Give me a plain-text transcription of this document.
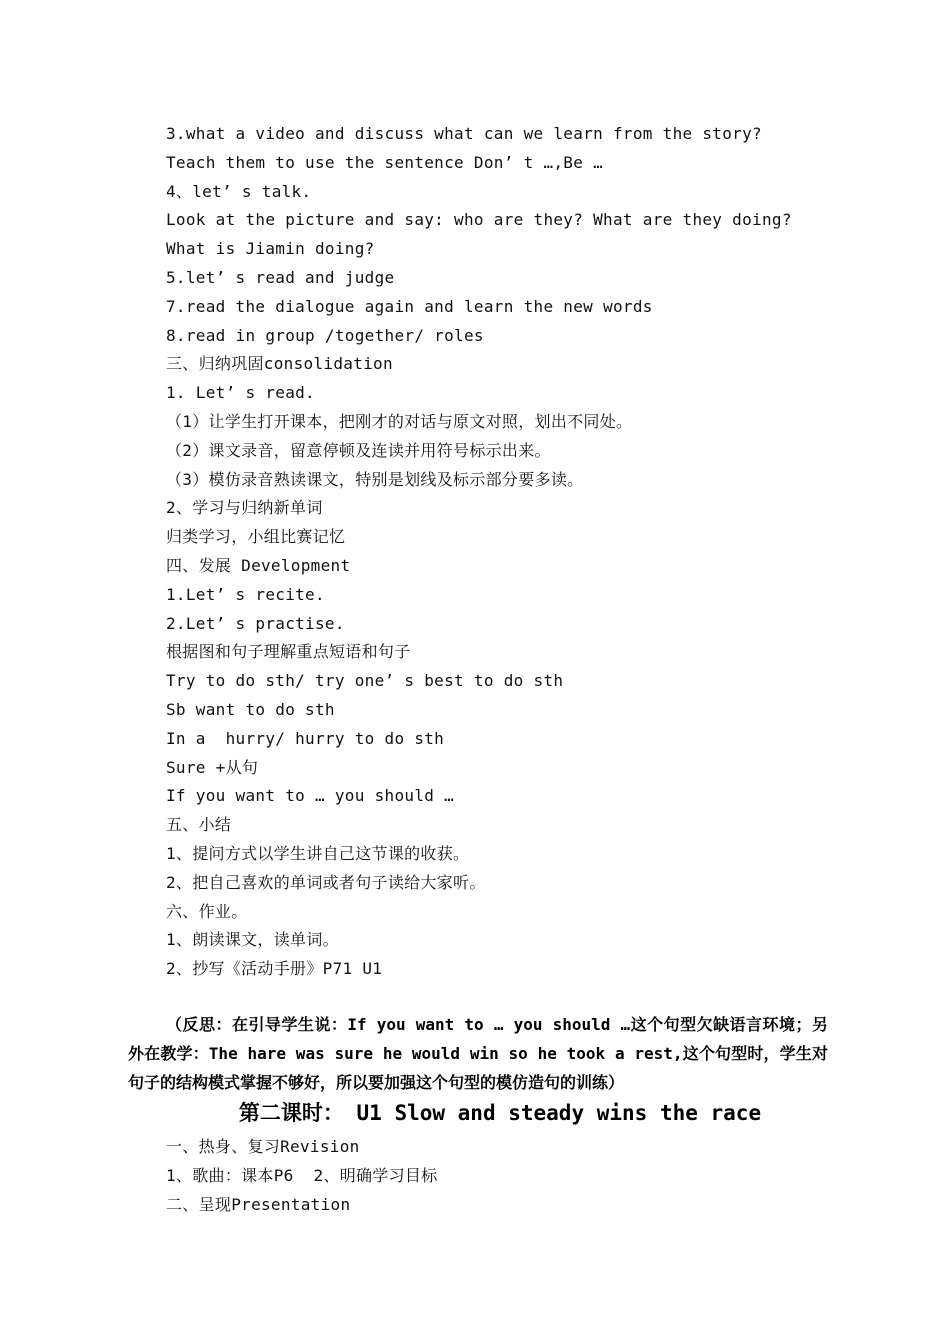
3.what a video and discuss what can we learn from the story?
Teach them to use the sentence Don’ t …,Be …
4、let’ s talk.
Look at the picture and say: who are they? What are they doing?
What is Jiamin doing?
5.let’ s read and judge
7.read the dialogue again and learn the new words
8.read in group /together/ roles
三、归纳巩固consolidation
1. Let’ s read.
（1）让学生打开课本，把刚才的对话与原文对照，划出不同处。
（2）课文录音，留意停顿及连读并用符号标示出来。
（3）模仿录音熟读课文，特别是划线及标示部分要多读。
2、学习与归纳新单词
归类学习，小组比赛记忆
四、发展 Development
1.Let’ s recite.
2.Let’ s practise.
根据图和句子理解重点短语和句子
Try to do sth/ try one’ s best to do sth
Sb want to do sth
In a  hurry/ hurry to do sth
Sure +从句
If you want to … you should …
五、小结
1、提问方式以学生讲自己这节课的收获。
2、把自己喜欢的单词或者句子读给大家听。
六、作业。
1、朗读课文，读单词。
2、抄写《活动手册》P71 U1
（反思：在引导学生说：If you want to … you should …这个句型欠缺语言环境；另外在教学：The hare was sure he would win so he took a rest,这个句型时，学生对句子的结构模式掌握不够好，所以要加强这个句型的模仿造句的训练）
第二课时： U1 Slow and steady wins the race
一、热身、复习Revision
1、歌曲：课本P6  2、明确学习目标
二、呈现Presentation
